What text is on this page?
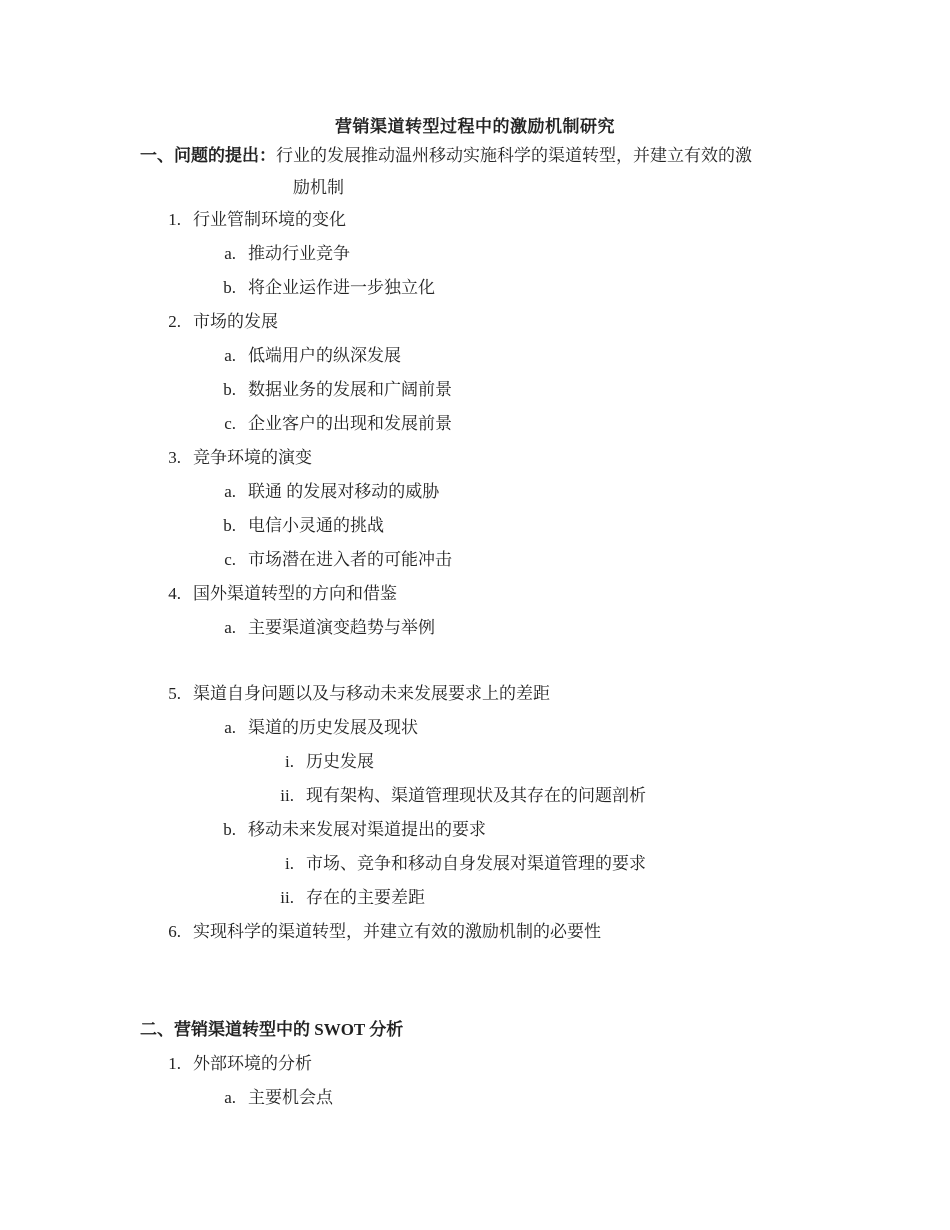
营销渠道转型过程中的激励机制研究
一、问题的提出：行业的发展推动温州移动实施科学的渠道转型，并建立有效的激
励机制
1. 行业管制环境的变化
a. 推动行业竞争
b. 将企业运作进一步独立化
2. 市场的发展
a. 低端用户的纵深发展
b. 数据业务的发展和广阔前景
c. 企业客户的出现和发展前景
3. 竞争环境的演变
a. 联通 的发展对移动的威胁
b. 电信小灵通的挑战
c. 市场潜在进入者的可能冲击
4. 国外渠道转型的方向和借鉴
a. 主要渠道演变趋势与举例
5. 渠道自身问题以及与移动未来发展要求上的差距
a. 渠道的历史发展及现状
i. 历史发展
ii. 现有架构、渠道管理现状及其存在的问题剖析
b. 移动未来发展对渠道提出的要求
i. 市场、竞争和移动自身发展对渠道管理的要求
ii. 存在的主要差距
6. 实现科学的渠道转型，并建立有效的激励机制的必要性
二、营销渠道转型中的 SWOT 分析
1. 外部环境的分析
a. 主要机会点
